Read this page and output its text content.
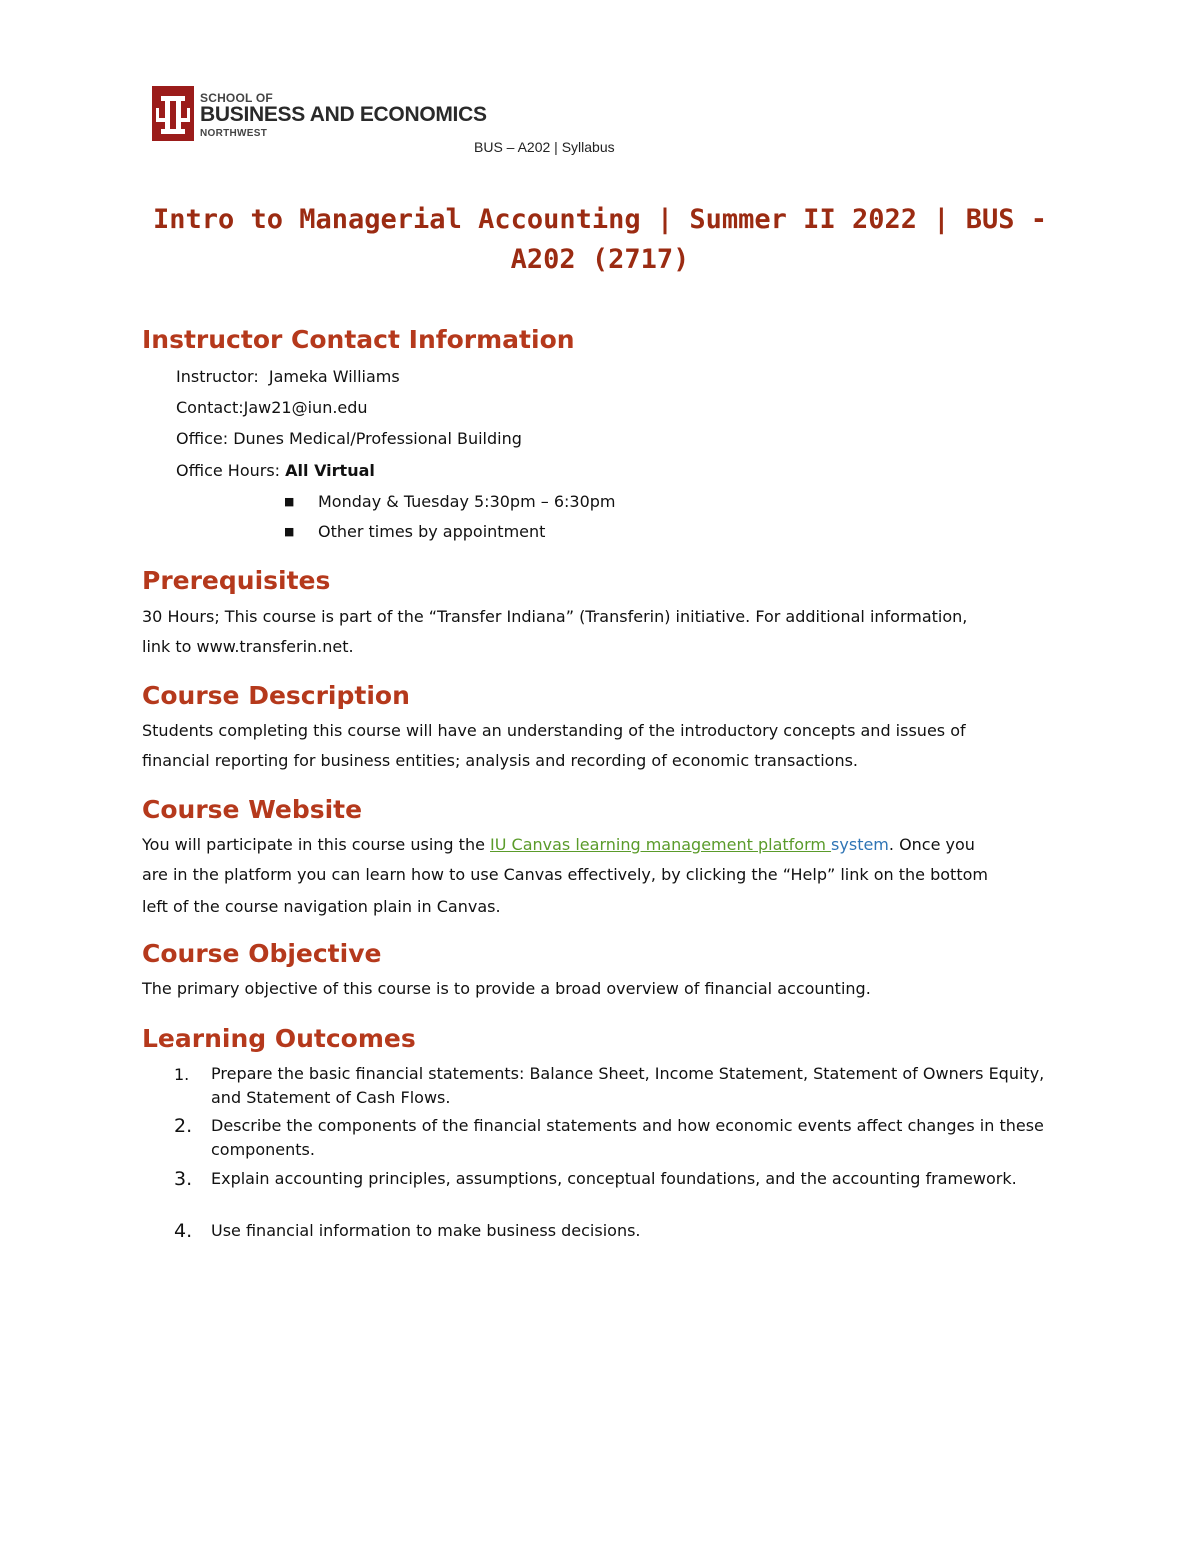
SCHOOL OF
BUSINESS AND ECONOMICS
NORTHWEST
BUS – A202 | Syllabus
Intro to Managerial Accounting | Summer II 2022 | BUS -
A202 (2717)
Instructor Contact Information
Instructor: Jameka Williams
Contact:Jaw21@iun.edu
Office: Dunes Medical/Professional Building
Office Hours: All Virtual
■ Monday & Tuesday 5:30pm – 6:30pm
■ Other times by appointment
Prerequisites
30 Hours; This course is part of the “Transfer Indiana” (Transferin) initiative. For additional information,
link to www.transferin.net.
Course Description
Students completing this course will have an understanding of the introductory concepts and issues of
financial reporting for business entities; analysis and recording of economic transactions.
Course Website
You will participate in this course using the IU Canvas learning management platform system. Once you
are in the platform you can learn how to use Canvas effectively, by clicking the “Help” link on the bottom
left of the course navigation plain in Canvas.
Course Objective
The primary objective of this course is to provide a broad overview of financial accounting.
Learning Outcomes
1. Prepare the basic financial statements: Balance Sheet, Income Statement, Statement of Owners Equity, and Statement of Cash Flows.
2. Describe the components of the financial statements and how economic events affect changes in these components.
3. Explain accounting principles, assumptions, conceptual foundations, and the accounting framework.
4. Use financial information to make business decisions.
